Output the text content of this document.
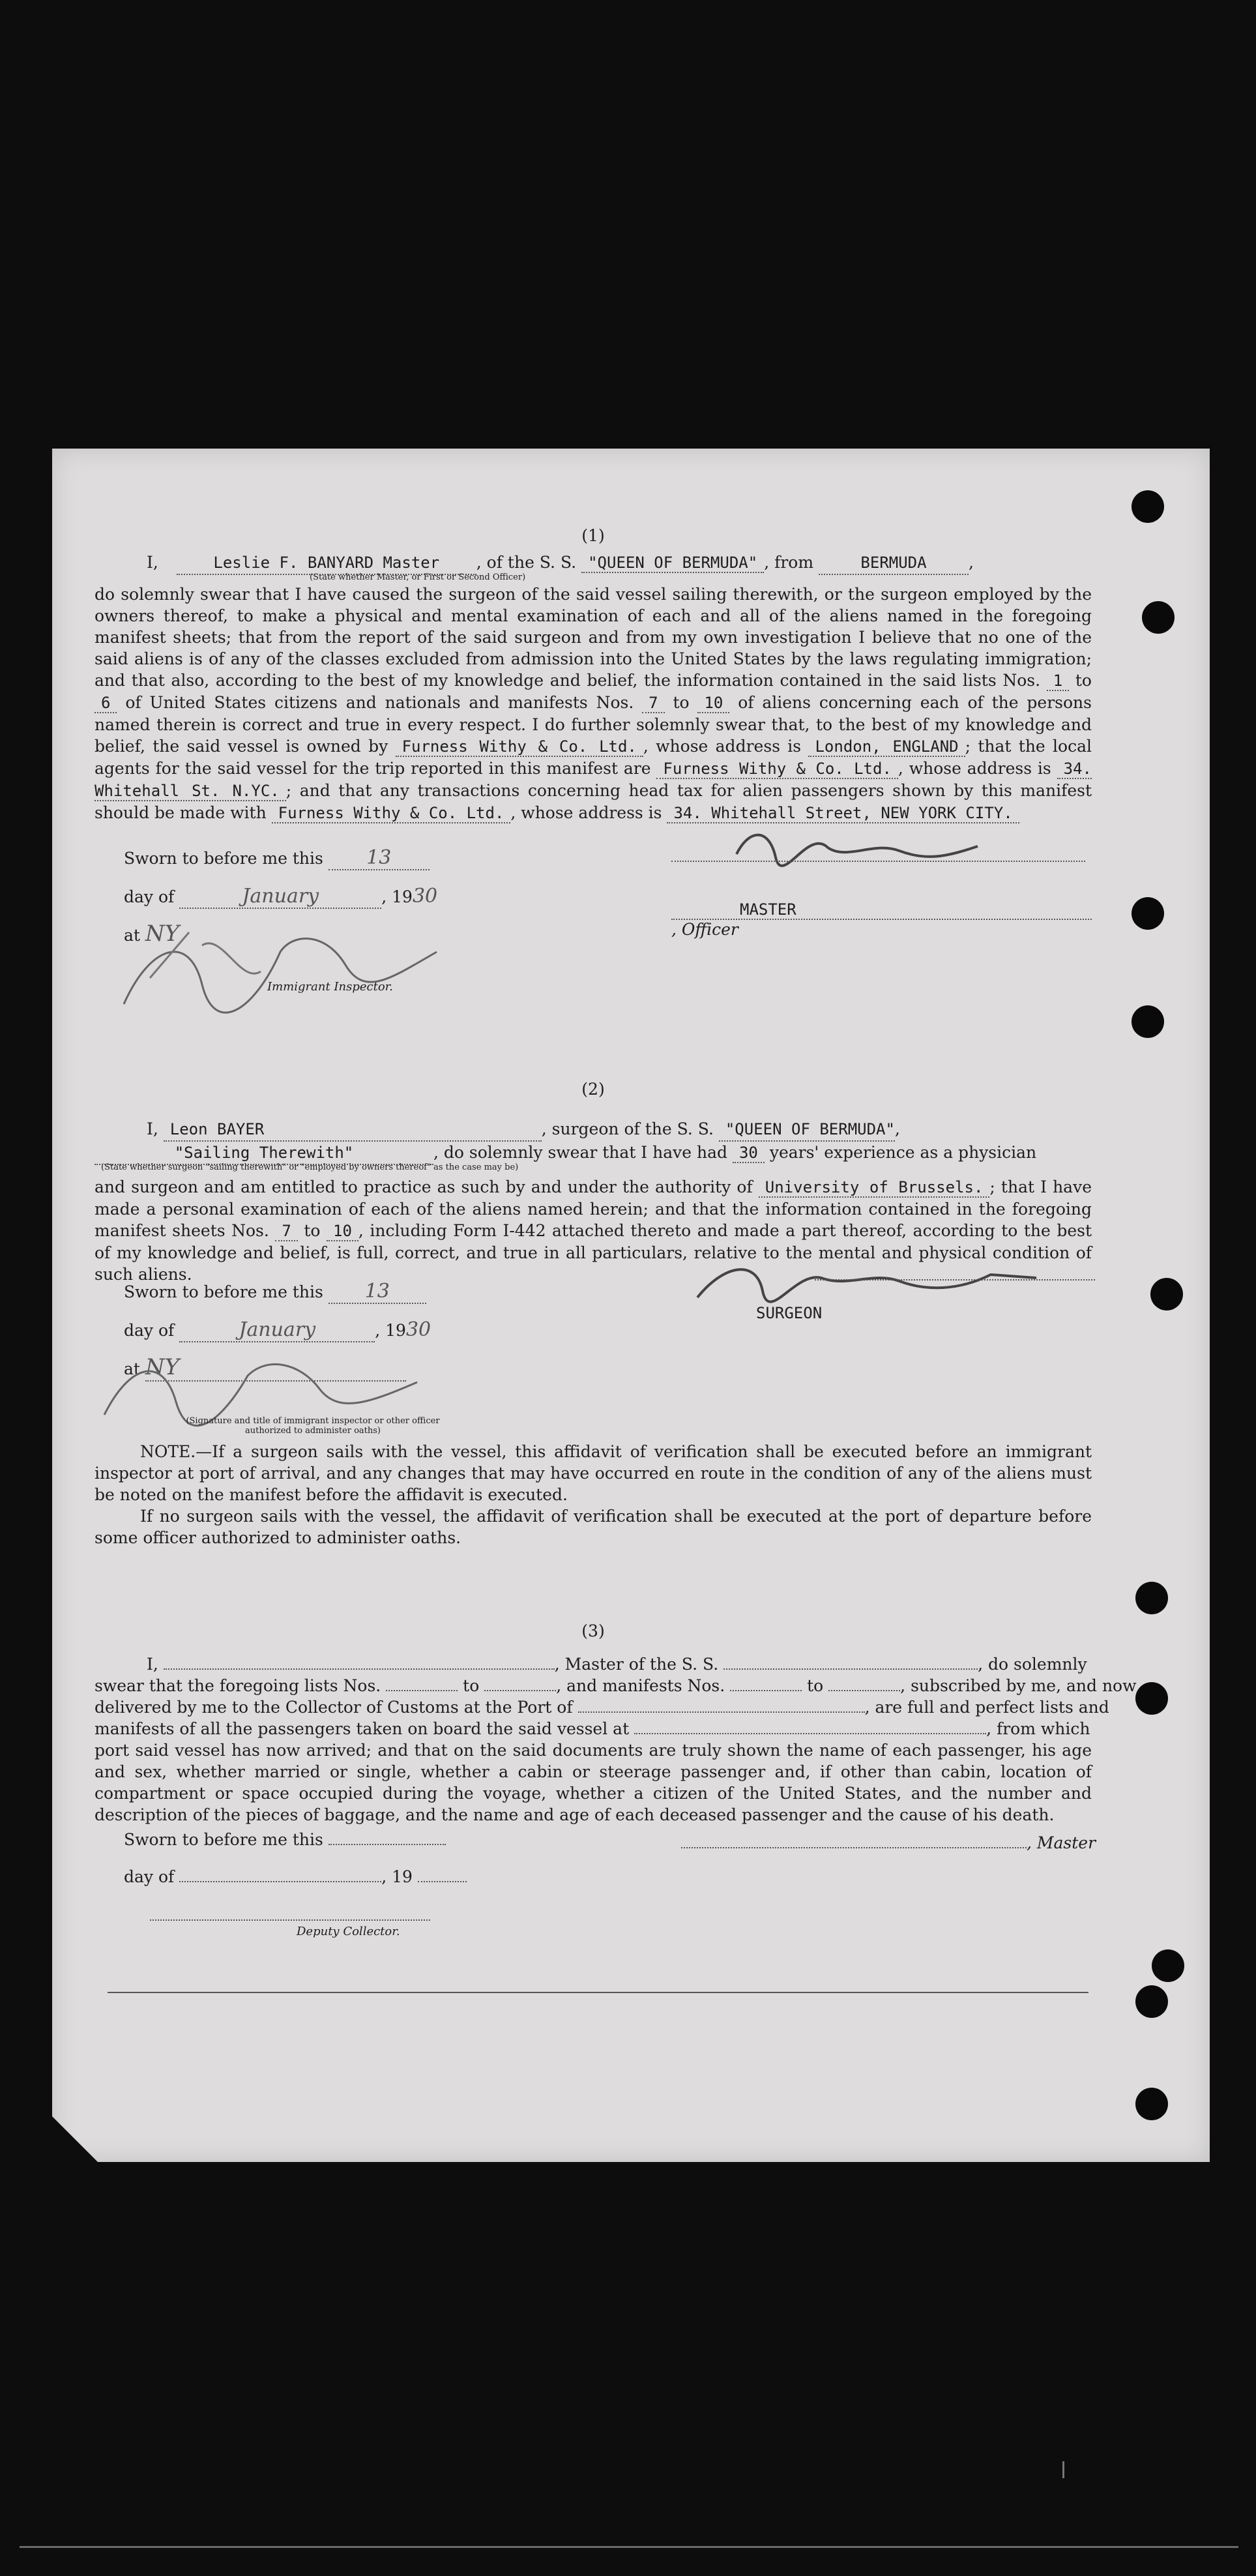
(1)
I,	Leslie F. BANYARD Master , of the S. S. "QUEEN OF BERMUDA" , from	BERMUDA	,
(State whether Master, or First or Second Officer)
do solemnly swear that I have caused the surgeon of the said vessel sailing therewith, or the surgeon employed by the owners thereof, to make a physical and mental examination of each and all of the aliens named in the foregoing manifest sheets; that from the report of the said surgeon and from my own investigation I believe that no one of the said aliens is of any of the classes excluded from admission into the United States by the laws regulating immigration; and that also, according to the best of my knowledge and belief, the information contained in the said lists Nos. 1 to 6 of United States citizens and nationals and manifests Nos. 7 to 10 of aliens concerning each of the persons named therein is correct and true in every respect. I do further solemnly swear that, to the best of my knowledge and belief, the said vessel is owned by Furness Withy & Co. Ltd. , whose address is London, ENGLAND ; that the local agents for the said vessel for the trip reported in this manifest are Furness Withy & Co. Ltd. , whose address is 34. Whitehall St. N.YC. ; and that any transactions concerning head tax for alien passengers shown by this manifest should be made with Furness Withy & Co. Ltd. , whose address is 34. Whitehall Street, NEW YORK CITY.
Sworn to before me this 13
day of	January	, 1930
at NY
Immigrant Inspector.
MASTER, Officer
(2)
I, Leon BAYER	, surgeon of the S. S. "QUEEN OF BERMUDA",
"Sailing Therewith"	, do solemnly swear that I have had 30 years' experience as a physician
(State whether surgeon "sailing therewith" or "employed by owners thereof" as the case may be)
and surgeon and am entitled to practice as such by and under the authority of University of Brussels. ; that I have made a personal examination of each of the aliens named herein; and that the information contained in the foregoing manifest sheets Nos. 7 to 10 , including Form I-442 attached thereto and made a part thereof, according to the best of my knowledge and belief, is full, correct, and true in all particulars, relative to the mental and physical condition of such aliens.
Sworn to before me this 13
day of	January	, 1930
at NY
(Signature and title of immigrant inspector or other officer authorized to administer oaths)
SURGEON
NOTE.—If a surgeon sails with the vessel, this affidavit of verification shall be executed before an immigrant inspector at port of arrival, and any changes that may have occurred en route in the condition of any of the aliens must be noted on the manifest before the affidavit is executed.
If no surgeon sails with the vessel, the affidavit of verification shall be executed at the port of departure before some officer authorized to administer oaths.
(3)
I,	, Master of the S. S.	, do solemnly
swear that the foregoing lists Nos.	to	, and manifests Nos.	to	, subscribed by me, and now
delivered by me to the Collector of Customs at the Port of	, are full and perfect lists and
manifests of all the passengers taken on board the said vessel at	, from which
port said vessel has now arrived; and that on the said documents are truly shown the name of each passenger, his age and sex, whether married or single, whether a cabin or steerage passenger and, if other than cabin, location of compartment or space occupied during the voyage, whether a citizen of the United States, and the number and description of the pieces of baggage, and the name and age of each deceased passenger and the cause of his death.
Sworn to before me this
day of	, 19
Deputy Collector.
, Master
